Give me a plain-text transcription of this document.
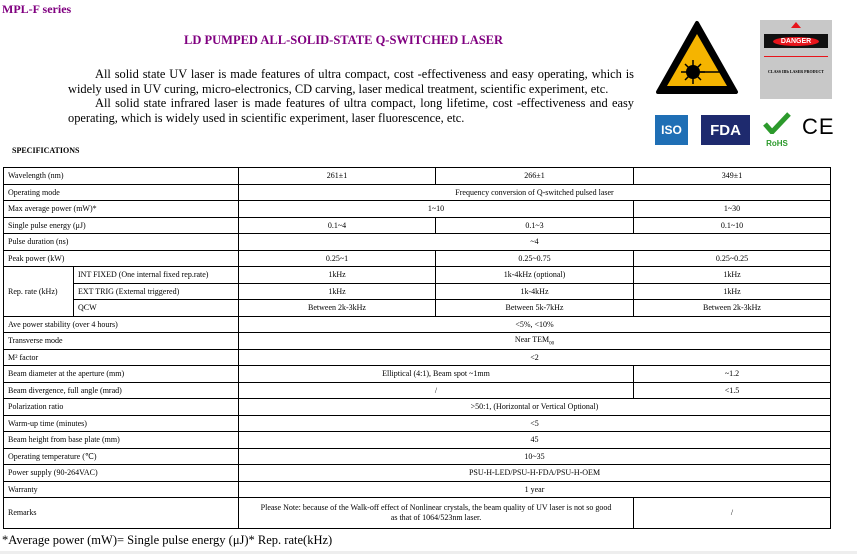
MPL-F series
LD PUMPED ALL-SOLID-STATE Q-SWITCHED LASER

All solid state UV laser is made features of ultra compact, cost -effectiveness and easy operating, which is widely used in UV curing, micro-electronics, CD carving, laser medical treatment, scientific experiment, etc.

All solid state infrared laser is made features of ultra compact, long lifetime, cost -effectiveness and easy operating, which is widely used in scientific experiment, laser fluorescence, etc.

DANGER
CLASS IIIb LASER PRODUCT
ISO	FDA
RoHS
CE
SPECIFICATIONS
Wavelength (nm)		261±1	266±1	349±1
Operating mode		Frequency conversion of Q-switched pulsed laser		
Max average power (mW)*		1~10		1~30
Single pulse energy (μJ)		0.1~4	0.1~3	0.1~10
Pulse duration (ns)		~4		
Peak power (kW)		0.25~1	0.25~0.75	0.25~0.25
Rep. rate (kHz)	INT FIXED (One internal fixed rep.rate)	1kHz	1k-4kHz (optional)	1kHz
	EXT TRIG (External triggered)	1kHz	1k-4kHz	1kHz
	QCW	Between 2k-3kHz	Between 5k-7kHz	Between 2k-3kHz
Ave power stability (over 4 hours)		<5%, <10%		
Transverse mode		Near $TEM_{00}$
M² factor		<2		
Beam diameter at the aperture (mm)		Elliptical (4:1), Beam spot ~1mm		~1.2
Beam divergence, full angle (mrad)		/		<1.5
Polarization ratio		>50:1, (Horizontal or Vertical Optional)		
Warm-up time (minutes)		<5		
Beam height from base plate (mm)		45		
Operating temperature (℃)		10~35		
Power supply (90-264VAC)		PSU-H-LED/PSU-H-FDA/PSU-H-OEM		
Warranty		1 year		
Remarks		Please Note: because of the Walk-off effect of Nonlinear crystals, the beam quality of UV laser is not so good as that of 1064/523nm laser.		/
*Average power (mW)= Single pulse energy (μJ)* Rep. rate(kHz)
